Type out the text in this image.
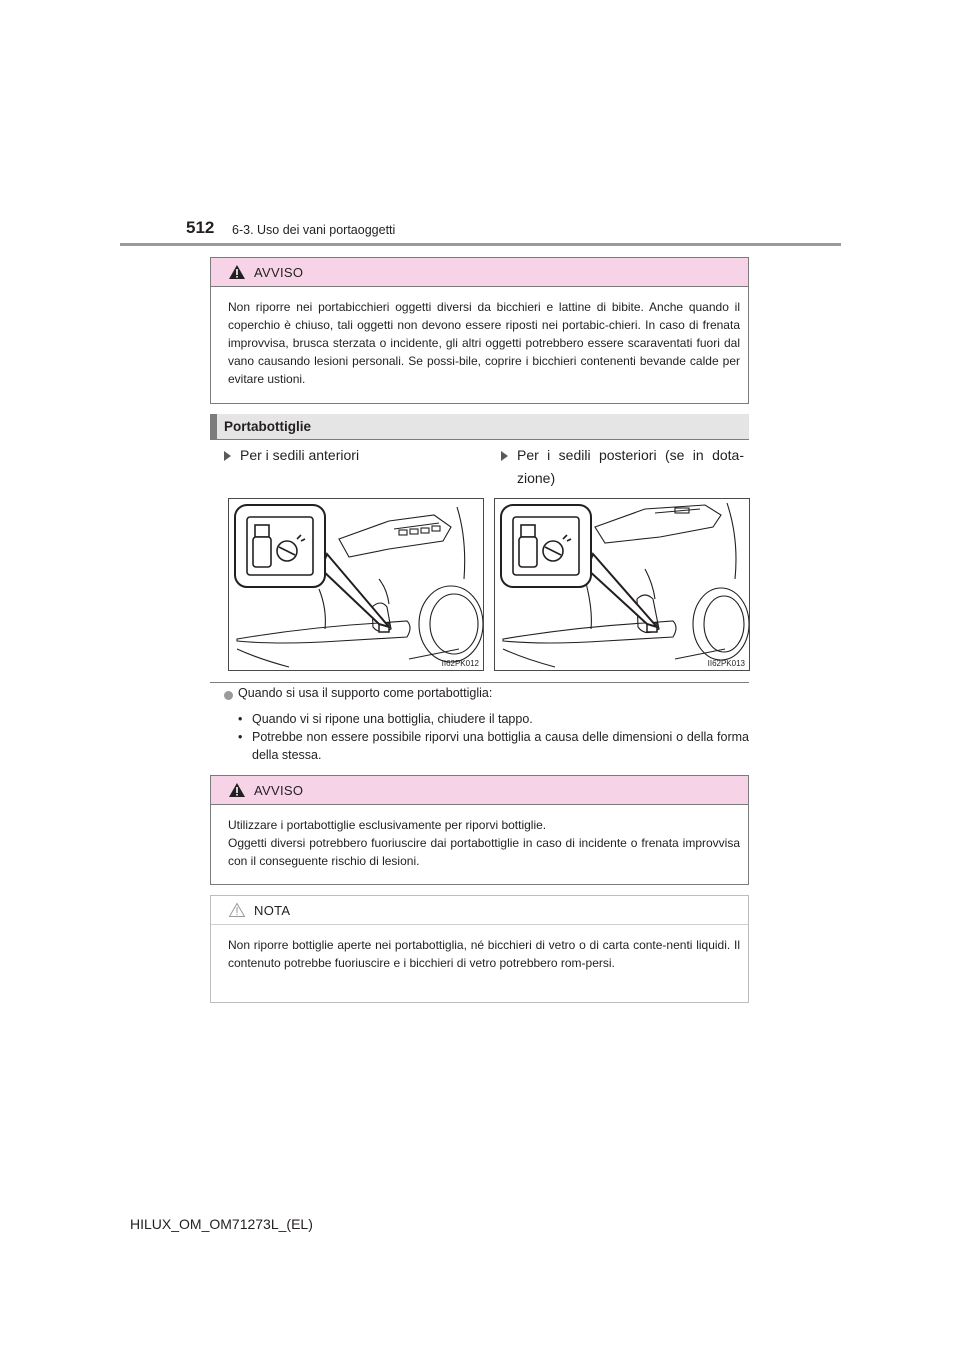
512 6-3. Uso dei vani portaoggetti
AVVISO

Non riporre nei portabicchieri oggetti diversi da bicchieri e lattine di bibite. Anche quando il coperchio è chiuso, tali oggetti non devono essere riposti nei portabic-chieri. In caso di frenata improvvisa, brusca sterzata o incidente, gli altri oggetti potrebbero essere scaraventati fuori dal vano causando lesioni personali. Se possi-bile, coprire i bicchieri contenenti bevande calde per evitare ustioni.

Portabottiglie
Per i sedili anteriori	Per i sedili posteriori (se in dota-zione)
II62PK012	II62PK013
Quando si usa il supporto come portabottiglia:
• Quando vi si ripone una bottiglia, chiudere il tappo.
• Potrebbe non essere possibile riporvi una bottiglia a causa delle dimensioni o della forma della stessa.
AVVISO

Utilizzare i portabottiglie esclusivamente per riporvi bottiglie.

Oggetti diversi potrebbero fuoriuscire dai portabottiglie in caso di incidente o frenata improvvisa con il conseguente rischio di lesioni.

NOTA

Non riporre bottiglie aperte nei portabottiglia, né bicchieri di vetro o di carta conte-nenti liquidi. Il contenuto potrebbe fuoriuscire e i bicchieri di vetro potrebbero rom-persi.

HILUX_OM_OM71273L_(EL)
